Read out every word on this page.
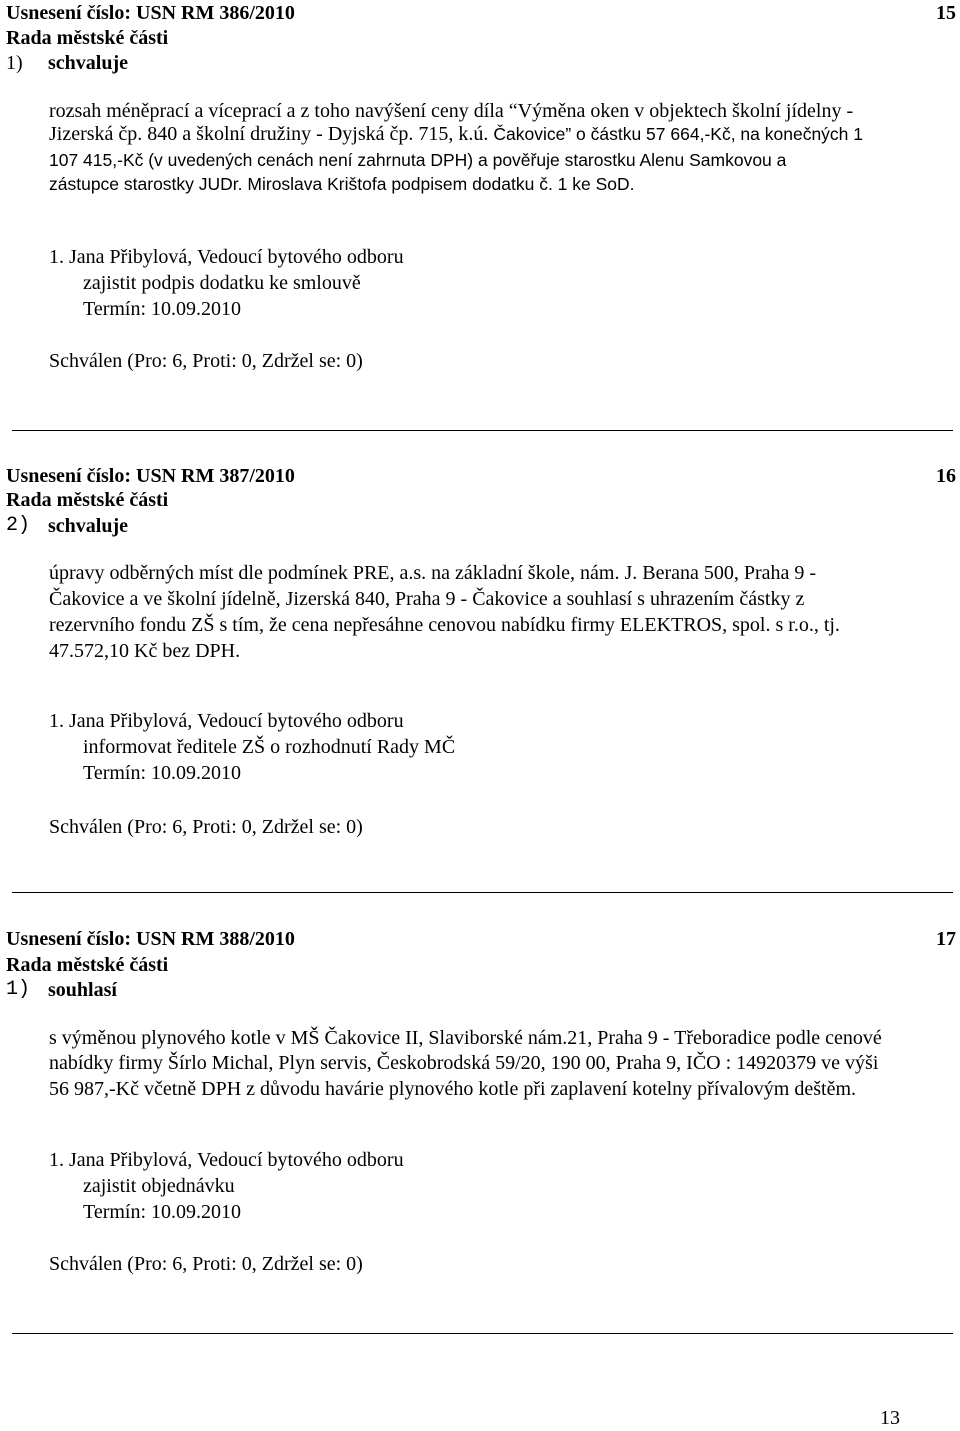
Usnesení číslo: USN RM 386/2010	15
Rada městské části
1) schvaluje
rozsah méněprací a víceprací a z toho navýšení ceny díla “Výměna oken v objektech školní jídelny -
Jizerská čp. 840 a školní družiny - Dyjská čp. 715, k.ú. Čakovice” o částku 57 664,-Kč, na konečných 1
107 415,-Kč (v uvedených cenách není zahrnuta DPH) a pověřuje starostku Alenu Samkovou a
zástupce starostky JUDr. Miroslava Krištofa podpisem dodatku č. 1 ke SoD.
1. Jana Přibylová, Vedoucí bytového odboru
zajistit podpis dodatku ke smlouvě
Termín: 10.09.2010
Schválen (Pro: 6, Proti: 0, Zdržel se: 0)
Usnesení číslo: USN RM 387/2010	16
Rada městské části
2) schvaluje
úpravy odběrných míst dle podmínek PRE, a.s. na základní škole, nám. J. Berana 500, Praha 9 -
Čakovice a ve školní jídelně, Jizerská 840, Praha 9 - Čakovice a souhlasí s uhrazením částky z
rezervního fondu ZŠ s tím, že cena nepřesáhne cenovou nabídku firmy ELEKTROS, spol. s r.o., tj.
47.572,10 Kč bez DPH.
1. Jana Přibylová, Vedoucí bytového odboru
informovat ředitele ZŠ o rozhodnutí Rady MČ
Termín: 10.09.2010
Schválen (Pro: 6, Proti: 0, Zdržel se: 0)
Usnesení číslo: USN RM 388/2010	17
Rada městské části
1) souhlasí
s výměnou plynového kotle v MŠ Čakovice II, Slaviborské nám.21, Praha 9 - Třeboradice podle cenové
nabídky firmy Šírlo Michal, Plyn servis, Českobrodská 59/20, 190 00, Praha 9, IČO : 14920379 ve výši
56 987,-Kč včetně DPH z důvodu havárie plynového kotle při zaplavení kotelny přívalovým deštěm.
1. Jana Přibylová, Vedoucí bytového odboru
zajistit objednávku
Termín: 10.09.2010
Schválen (Pro: 6, Proti: 0, Zdržel se: 0)
13
